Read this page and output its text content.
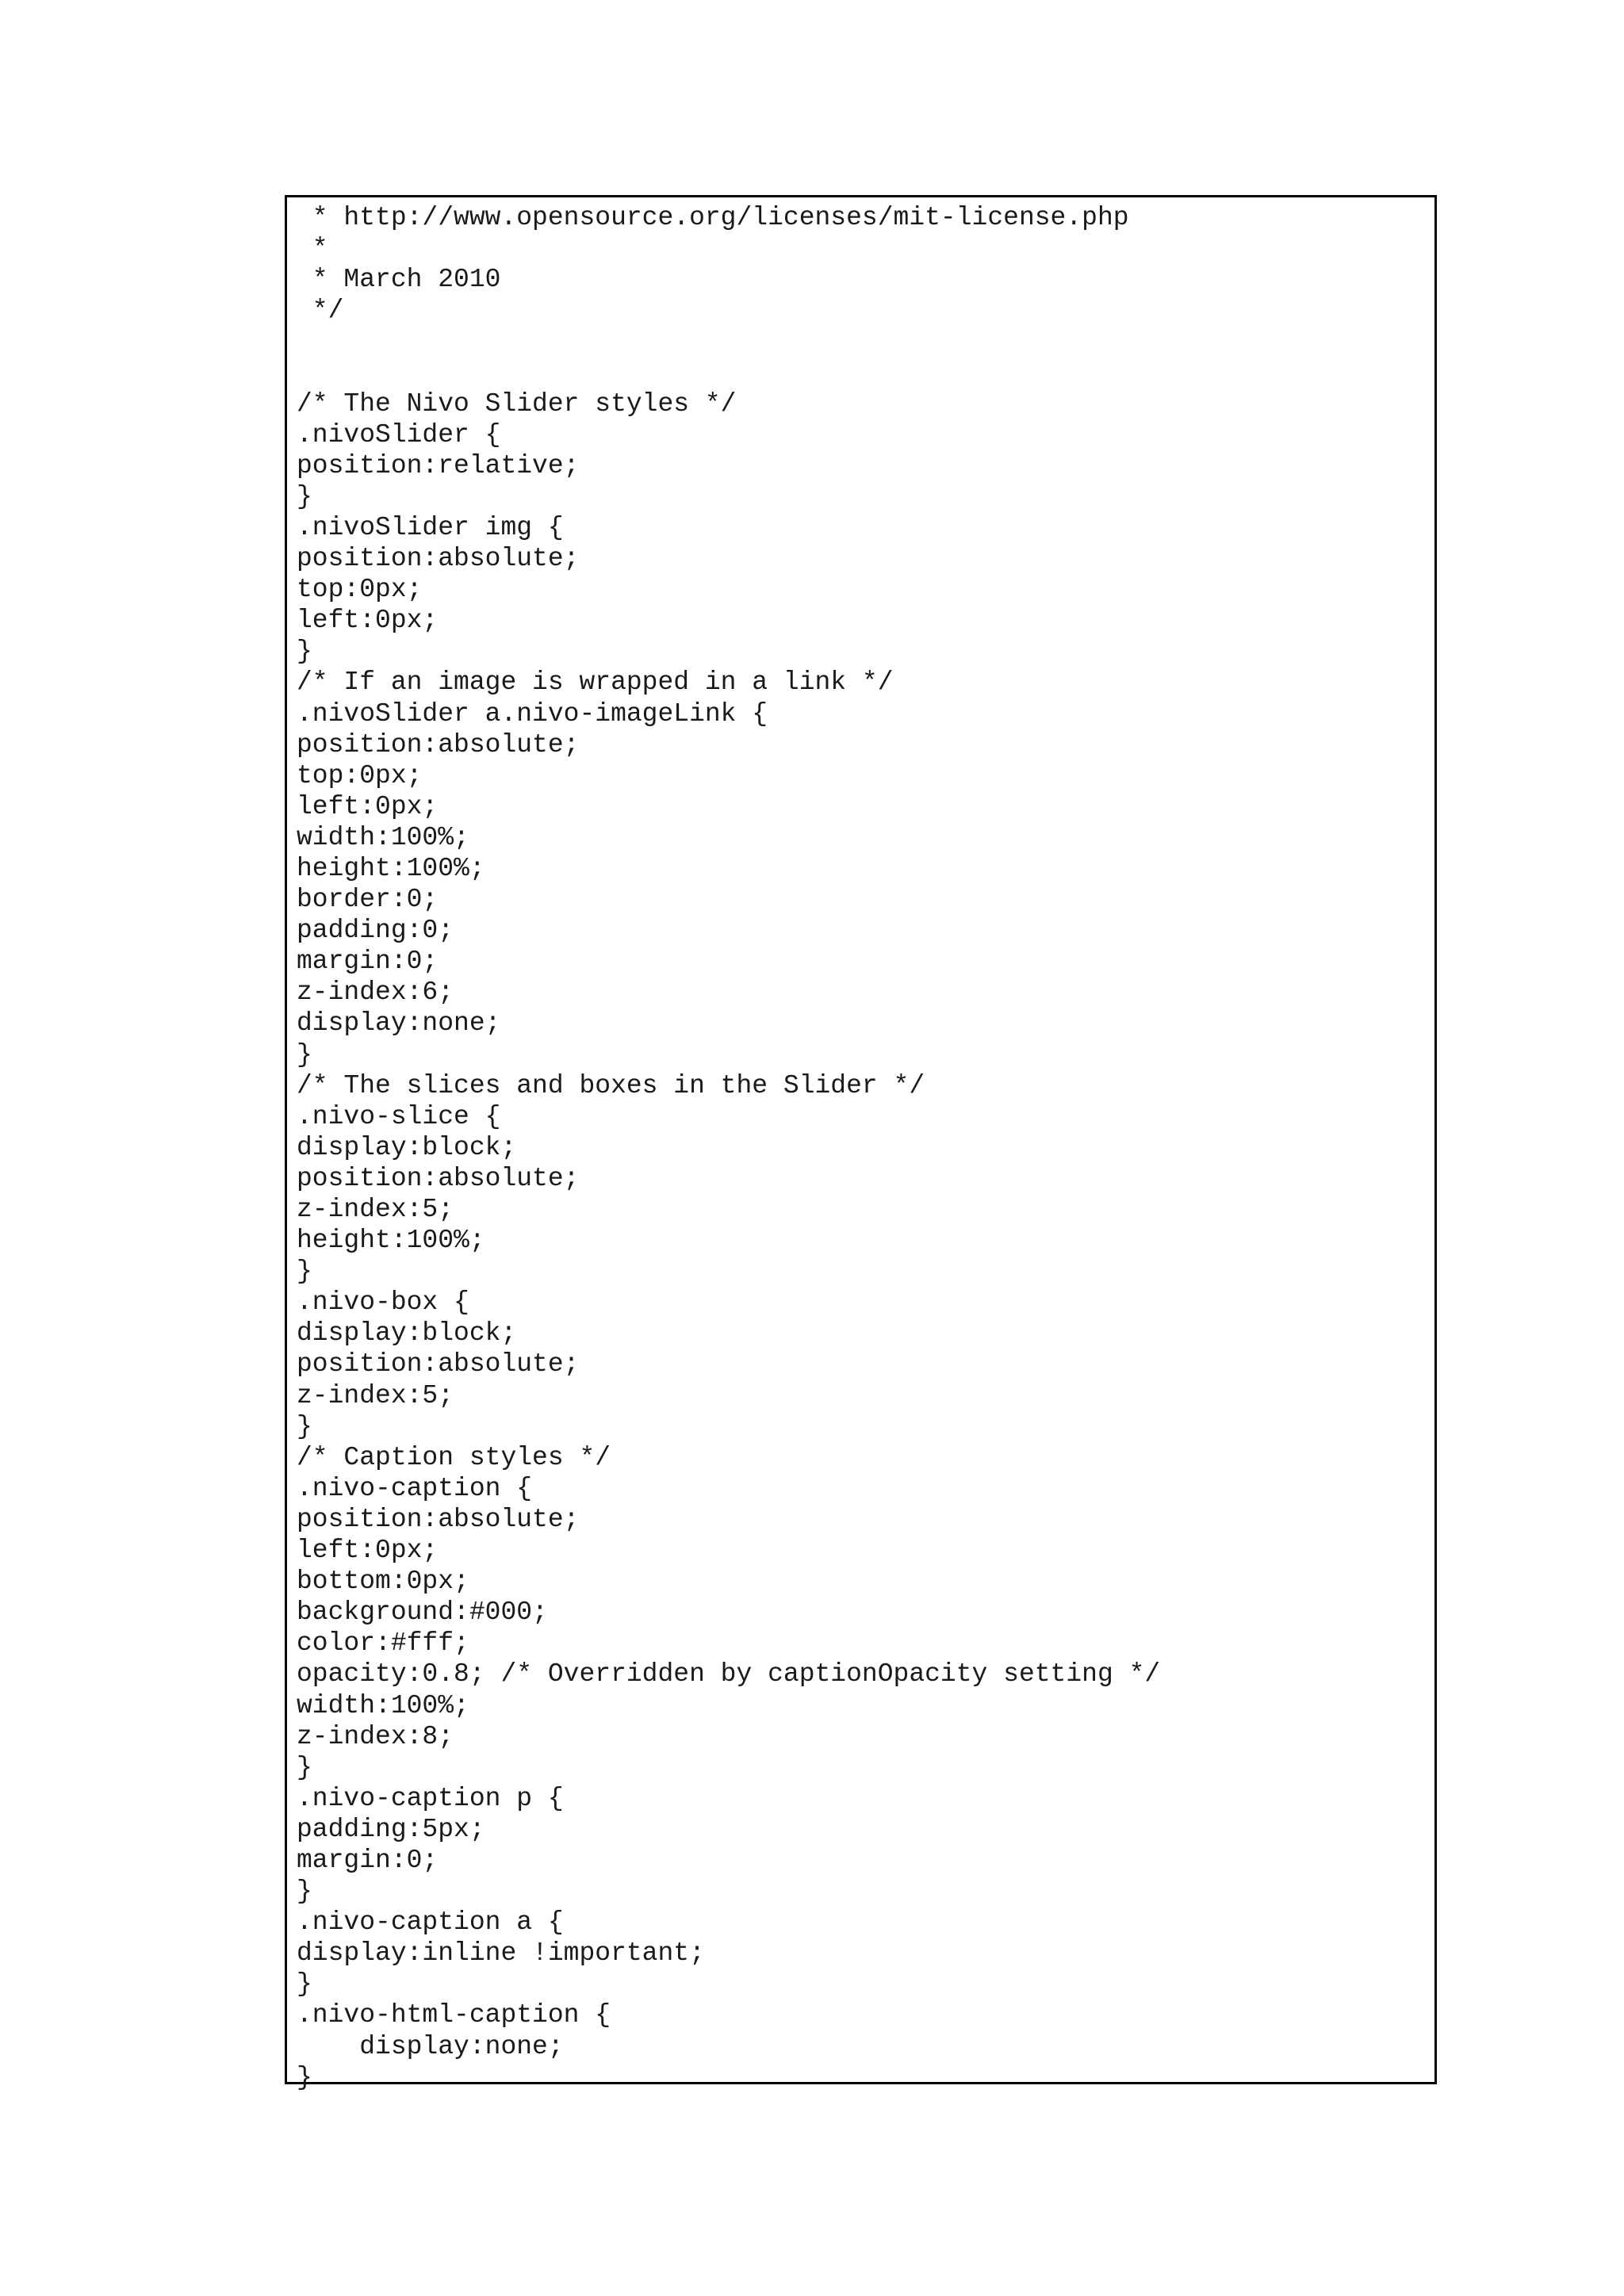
* http://www.opensource.org/licenses/mit-license.php
*
* March 2010
*/
/* The Nivo Slider styles */
.nivoSlider {
position:relative;
}
.nivoSlider img {
position:absolute;
top:0px;
left:0px;
}
/* If an image is wrapped in a link */
.nivoSlider a.nivo-imageLink {
position:absolute;
top:0px;
left:0px;
width:100%;
height:100%;
border:0;
padding:0;
margin:0;
z-index:6;
display:none;
}
/* The slices and boxes in the Slider */
.nivo-slice {
display:block;
position:absolute;
z-index:5;
height:100%;
}
.nivo-box {
display:block;
position:absolute;
z-index:5;
}
/* Caption styles */
.nivo-caption {
position:absolute;
left:0px;
bottom:0px;
background:#000;
color:#fff;
opacity:0.8; /* Overridden by captionOpacity setting */
width:100%;
z-index:8;
}
.nivo-caption p {
padding:5px;
margin:0;
}
.nivo-caption a {
display:inline !important;
}
.nivo-html-caption {
display:none;
}
